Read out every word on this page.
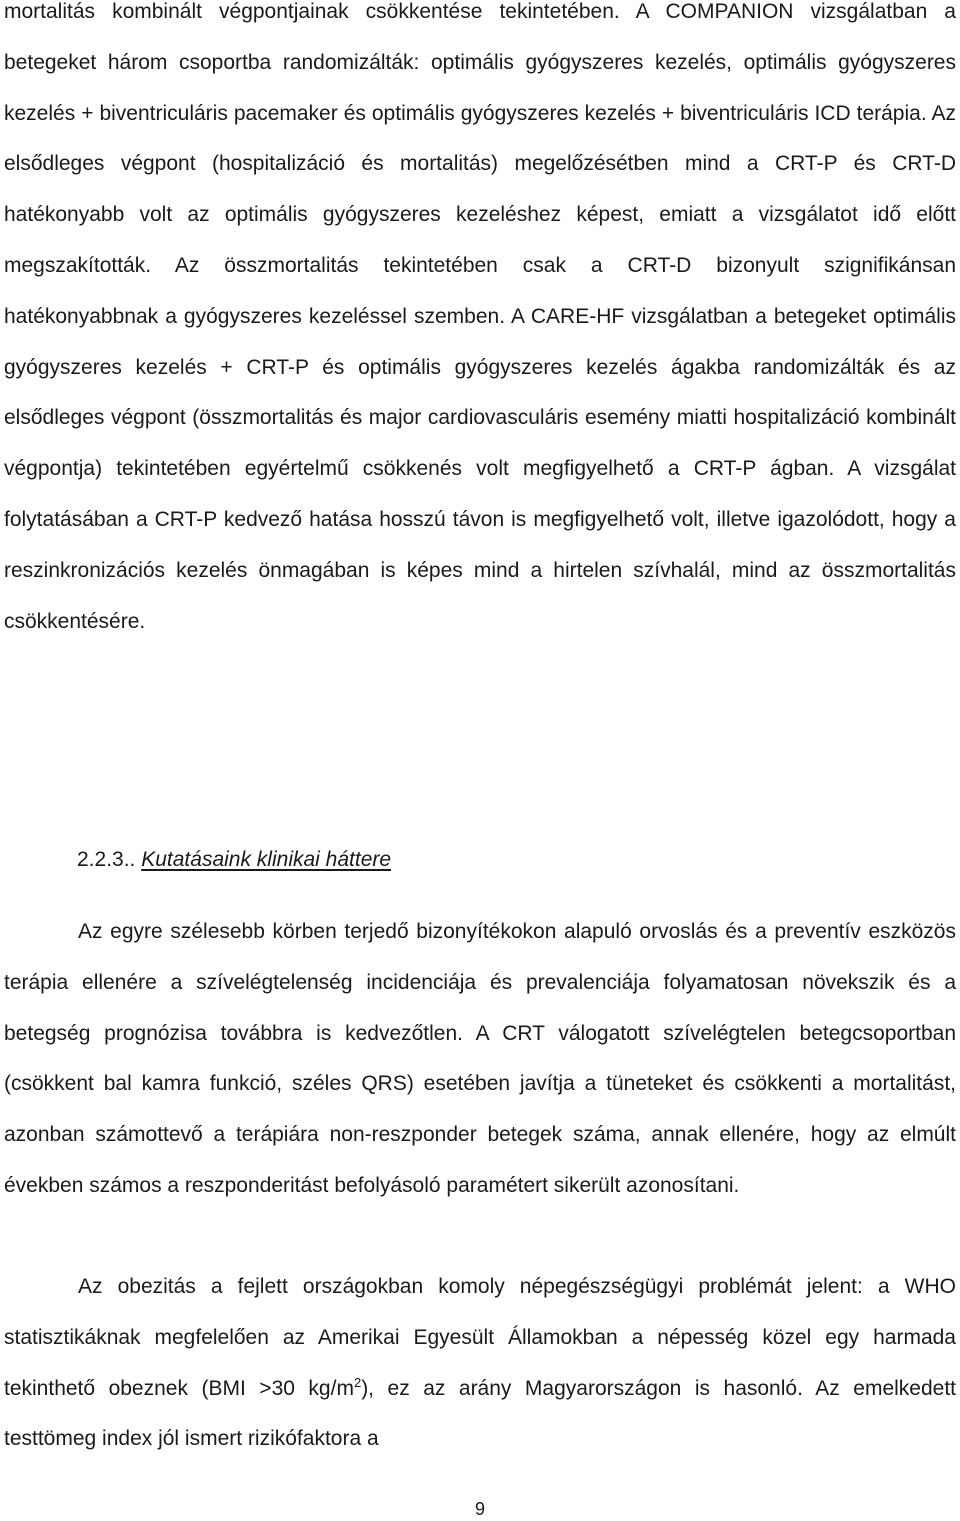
mortalitás kombinált végpontjainak csökkentése tekintetében. A COMPANION vizsgálatban a betegeket három csoportba randomizálták: optimális gyógyszeres kezelés, optimális gyógyszeres kezelés + biventriculáris pacemaker és optimális gyógyszeres kezelés + biventriculáris ICD terápia. Az elsődleges végpont (hospitalizáció és mortalitás) megelőzésétben mind a CRT-P és CRT-D hatékonyabb volt az optimális gyógyszeres kezeléshez képest, emiatt a vizsgálatot idő előtt megszakították. Az összmortalitás tekintetében csak a CRT-D bizonyult szignifikánsan hatékonyabbnak a gyógyszeres kezeléssel szemben. A CARE-HF vizsgálatban a betegeket optimális gyógyszeres kezelés + CRT-P és optimális gyógyszeres kezelés ágakba randomizálták és az elsődleges végpont (összmortalitás és major cardiovasculáris esemény miatti hospitalizáció kombinált végpontja) tekintetében egyértelmű csökkenés volt megfigyelhető a CRT-P ágban. A vizsgálat folytatásában a CRT-P kedvező hatása hosszú távon is megfigyelhető volt, illetve igazolódott, hogy a reszinkronizációs kezelés önmagában is képes mind a hirtelen szívhalál, mind az összmortalitás csökkentésére.

2.2.3.. Kutatásaink klinikai háttere

Az egyre szélesebb körben terjedő bizonyítékokon alapuló orvoslás és a preventív eszközös terápia ellenére a szívelégtelenség incidenciája és prevalenciája folyamatosan növekszik és a betegség prognózisa továbbra is kedvezőtlen. A CRT válogatott szívelégtelen betegcsoportban (csökkent bal kamra funkció, széles QRS) esetében javítja a tüneteket és csökkenti a mortalitást, azonban számottevő a terápiára non-reszponder betegek száma, annak ellenére, hogy az elmúlt években számos a reszponderitást befolyásoló paramétert sikerült azonosítani.

Az obezitás a fejlett országokban komoly népegészségügyi problémát jelent: a WHO statisztikáknak megfelelően az Amerikai Egyesült Államokban a népesség közel egy harmada tekinthető obeznek (BMI >30 $kg/m^2$), ez az arány Magyarországon is hasonló. Az emelkedett testtömeg index jól ismert rizikófaktora a

9
